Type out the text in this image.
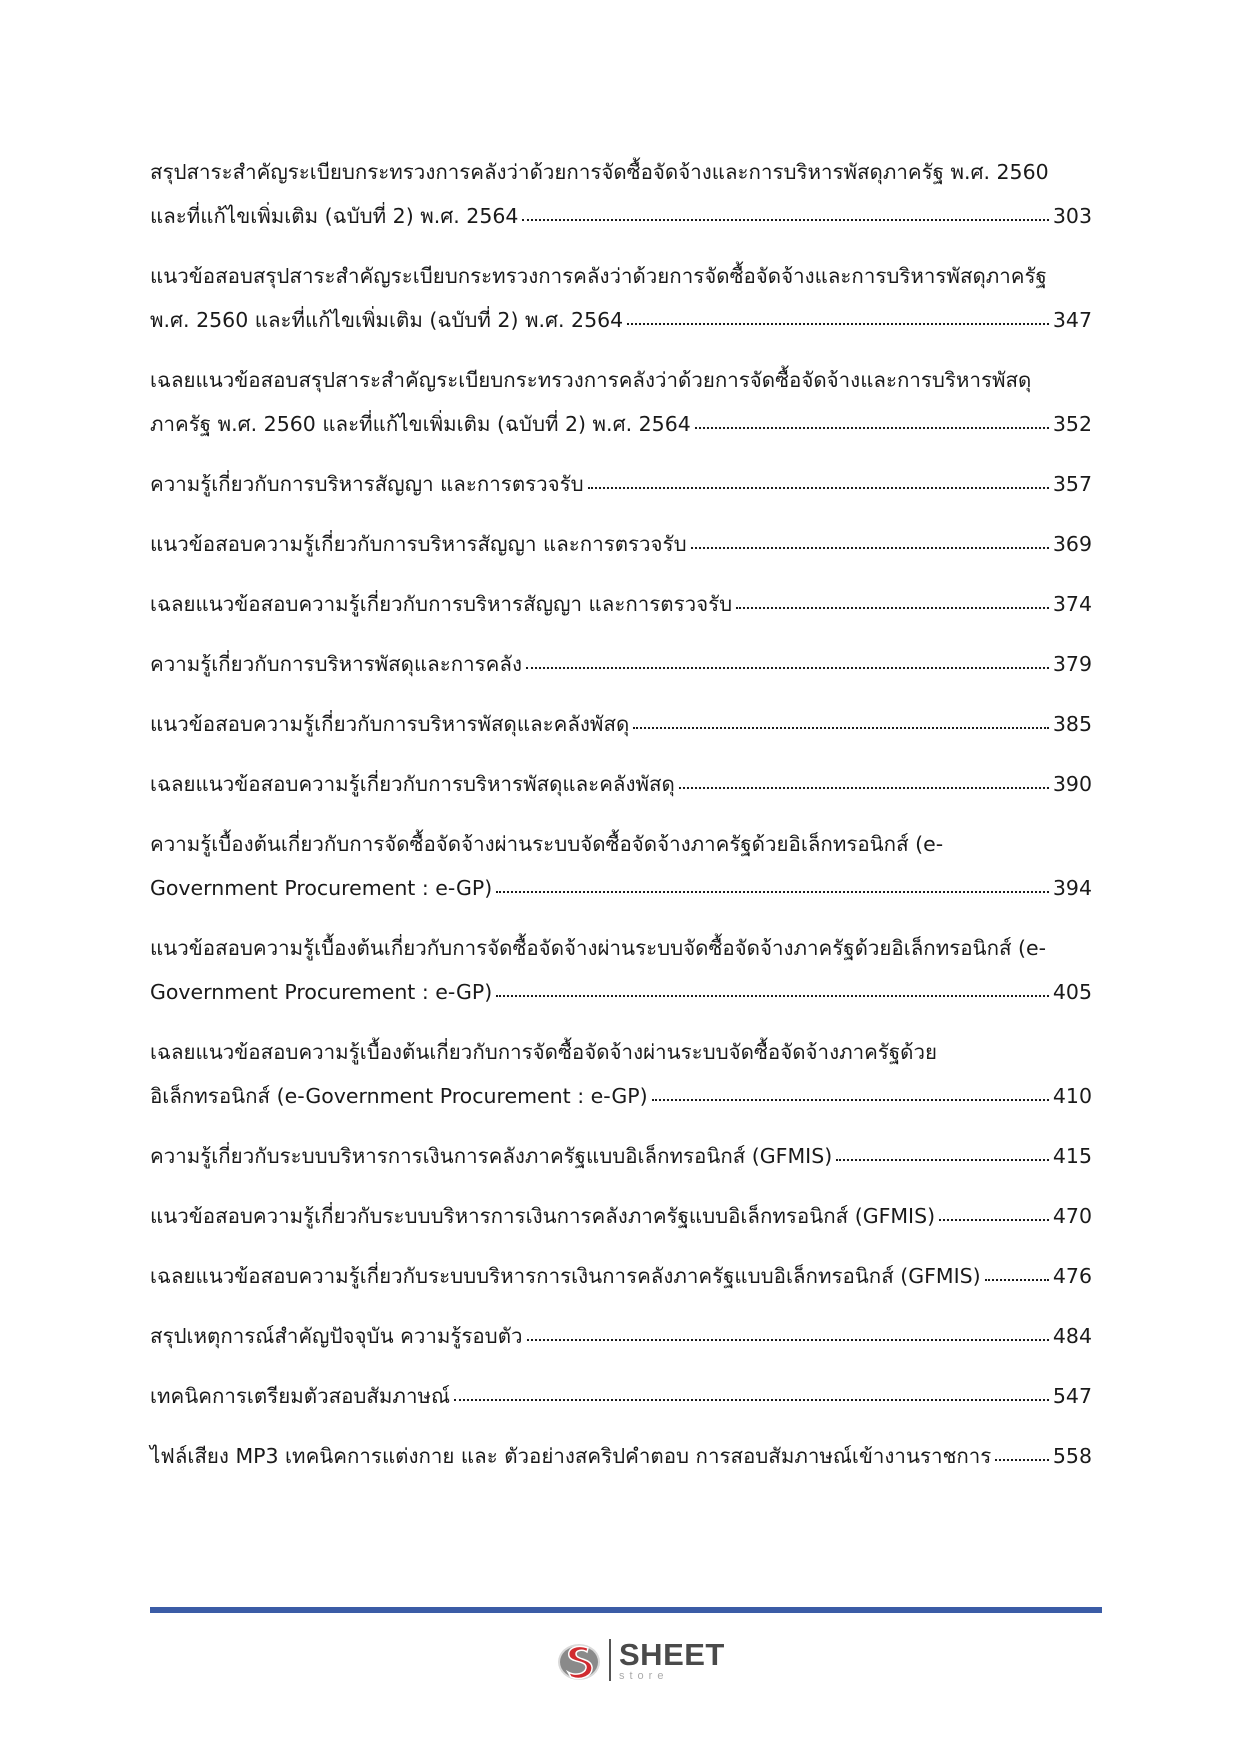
สรุปสาระสำคัญระเบียบกระทรวงการคลังว่าด้วยการจัดซื้อจัดจ้างและการบริหารพัสดุภาครัฐ พ.ศ. 2560
และที่แก้ไขเพิ่มเติม (ฉบับที่ 2) พ.ศ. 2564	303
แนวข้อสอบสรุปสาระสำคัญระเบียบกระทรวงการคลังว่าด้วยการจัดซื้อจัดจ้างและการบริหารพัสดุภาครัฐ
พ.ศ. 2560 และที่แก้ไขเพิ่มเติม (ฉบับที่ 2) พ.ศ. 2564	347
เฉลยแนวข้อสอบสรุปสาระสำคัญระเบียบกระทรวงการคลังว่าด้วยการจัดซื้อจัดจ้างและการบริหารพัสดุ
ภาครัฐ พ.ศ. 2560 และที่แก้ไขเพิ่มเติม (ฉบับที่ 2) พ.ศ. 2564	352
ความรู้เกี่ยวกับการบริหารสัญญา และการตรวจรับ	357
แนวข้อสอบความรู้เกี่ยวกับการบริหารสัญญา และการตรวจรับ	369
เฉลยแนวข้อสอบความรู้เกี่ยวกับการบริหารสัญญา และการตรวจรับ	374
ความรู้เกี่ยวกับการบริหารพัสดุและการคลัง	379
แนวข้อสอบความรู้เกี่ยวกับการบริหารพัสดุและคลังพัสดุ	385
เฉลยแนวข้อสอบความรู้เกี่ยวกับการบริหารพัสดุและคลังพัสดุ	390
ความรู้เบื้องต้นเกี่ยวกับการจัดซื้อจัดจ้างผ่านระบบจัดซื้อจัดจ้างภาครัฐด้วยอิเล็กทรอนิกส์ (e-
Government Procurement : e-GP)	394
แนวข้อสอบความรู้เบื้องต้นเกี่ยวกับการจัดซื้อจัดจ้างผ่านระบบจัดซื้อจัดจ้างภาครัฐด้วยอิเล็กทรอนิกส์ (e-
Government Procurement : e-GP)	405
เฉลยแนวข้อสอบความรู้เบื้องต้นเกี่ยวกับการจัดซื้อจัดจ้างผ่านระบบจัดซื้อจัดจ้างภาครัฐด้วย
อิเล็กทรอนิกส์ (e-Government Procurement : e-GP)	410
ความรู้เกี่ยวกับระบบบริหารการเงินการคลังภาครัฐแบบอิเล็กทรอนิกส์ (GFMIS)	415
แนวข้อสอบความรู้เกี่ยวกับระบบบริหารการเงินการคลังภาครัฐแบบอิเล็กทรอนิกส์ (GFMIS)	470
เฉลยแนวข้อสอบความรู้เกี่ยวกับระบบบริหารการเงินการคลังภาครัฐแบบอิเล็กทรอนิกส์ (GFMIS)	476
สรุปเหตุการณ์สำคัญปัจจุบัน ความรู้รอบตัว	484
เทคนิคการเตรียมตัวสอบสัมภาษณ์	547
ไฟล์เสียง MP3 เทคนิคการแต่งกาย และ ตัวอย่างสคริปคำตอบ การสอบสัมภาษณ์เข้างานราชการ	558
SHEET
store
